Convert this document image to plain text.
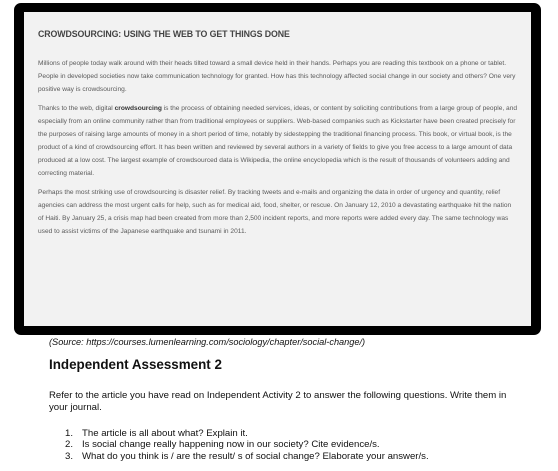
CROWDSOURCING: USING THE WEB TO GET THINGS DONE

Millions of people today walk around with their heads tilted toward a small device held in their hands. Perhaps you are reading this textbook on a phone or tablet. People in developed societies now take communication technology for granted. How has this technology affected social change in our society and others? One very positive way is crowdsourcing.

Thanks to the web, digital crowdsourcing is the process of obtaining needed services, ideas, or content by soliciting contributions from a large group of people, and especially from an online community rather than from traditional employees or suppliers. Web-based companies such as Kickstarter have been created precisely for the purposes of raising large amounts of money in a short period of time, notably by sidestepping the traditional financing process. This book, or virtual book, is the product of a kind of crowdsourcing effort. It has been written and reviewed by several authors in a variety of fields to give you free access to a large amount of data produced at a low cost. The largest example of crowdsourced data is Wikipedia, the online encyclopedia which is the result of thousands of volunteers adding and correcting material.

Perhaps the most striking use of crowdsourcing is disaster relief. By tracking tweets and e-mails and organizing the data in order of urgency and quantity, relief agencies can address the most urgent calls for help, such as for medical aid, food, shelter, or rescue. On January 12, 2010 a devastating earthquake hit the nation of Haiti. By January 25, a crisis map had been created from more than 2,500 incident reports, and more reports were added every day. The same technology was used to assist victims of the Japanese earthquake and tsunami in 2011.

(Source: https://courses.lumenlearning.com/sociology/chapter/social-change/)
Independent Assessment 2

Refer to the article you have read on Independent Activity 2 to answer the following questions. Write them in your journal.

1. The article is all about what? Explain it.
2. Is social change really happening now in our society? Cite evidence/s.
3. What do you think is / are the result/ s of social change? Elaborate your answer/s.
